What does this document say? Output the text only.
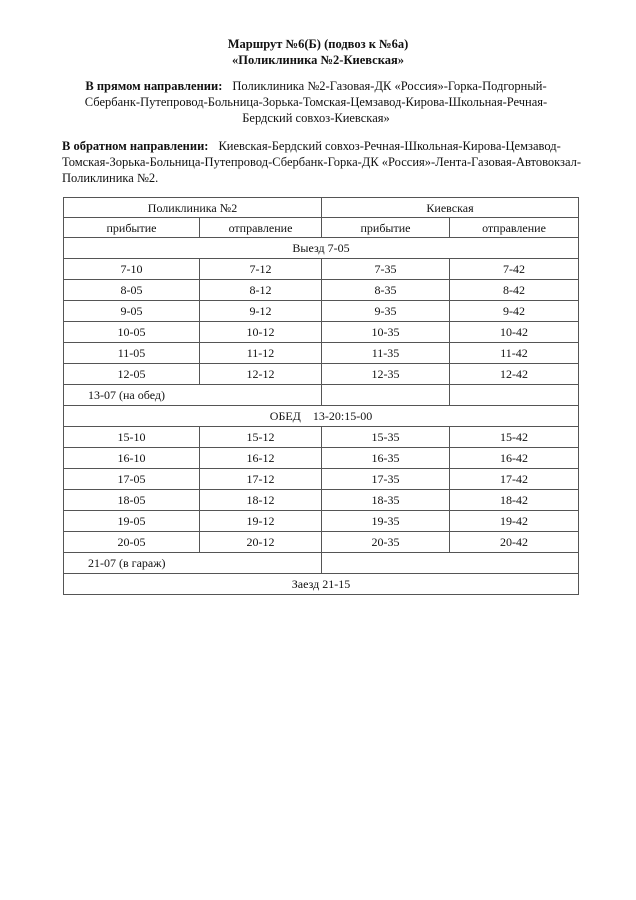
Маршрут №6(Б) (подвоз к №6а)
«Поликлиника №2-Киевская»
В прямом направлении: Поликлиника №2-Газовая-ДК «Россия»-Горка-Подгорный-Сбербанк-Путепровод-Больница-Зорька-Томская-Цемзавод-Кирова-Школьная-Речная-Бердский совхоз-Киевская»
В обратном направлении: Киевская-Бердский совхоз-Речная-Школьная-Кирова-Цемзавод-Томская-Зорька-Больница-Путепровод-Сбербанк-Горка-ДК «Россия»-Лента-Газовая-Автовокзал-Поликлиника №2.
Поликлиника №2		Киевская	
прибытие	отправление	прибытие	отправление
Выезд 7-05			
7-10	7-12	7-35	7-42
8-05	8-12	8-35	8-42
9-05	9-12	9-35	9-42
10-05	10-12	10-35	10-42
11-05	11-12	11-35	11-42
12-05	12-12	12-35	12-42
13-07 (на обед)			
ОБЕД    13-20:15-00			
15-10	15-12	15-35	15-42
16-10	16-12	16-35	16-42
17-05	17-12	17-35	17-42
18-05	18-12	18-35	18-42
19-05	19-12	19-35	19-42
20-05	20-12	20-35	20-42
21-07 (в гараж)			
Заезд 21-15			
